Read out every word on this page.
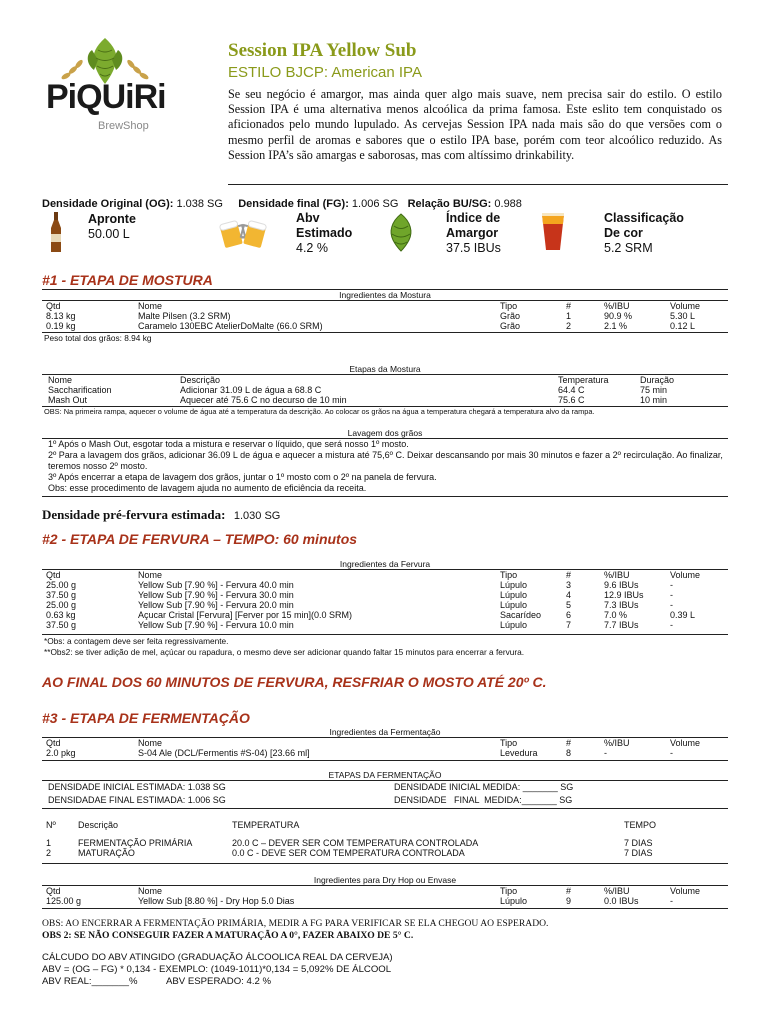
PiQUiRi
BrewShop
Session IPA Yellow Sub
ESTILO BJCP: American IPA
Se seu negócio é amargor, mas ainda quer algo mais suave, nem precisa sair do estilo. O estilo Session IPA é uma alternativa menos alcoólica da prima famosa. Este eslito tem conquistado os aficionados pelo mundo lupulado. As cervejas Session IPA nada mais são do que versões com o mesmo perfil de aromas e sabores que o estilo IPA base, porém com teor alcoólico reduzido. As Session IPA’s são amargas e saborosas, mas com altíssimo drinkability.
Densidade Original (OG): 1.038 SG Densidade final (FG): 1.006 SG Relação BU/SG: 0.988
Apronte
50.00 L
Abv
Estimado
4.2 %
Índice de
Amargor
37.5 IBUs
Classificação
De cor
5.2 SRM
#1 - ETAPA DE MOSTURA
Ingredientes da Mostura
Qtd	Nome	Tipo	#	%/IBU	Volume
8.13 kg	Malte Pilsen (3.2 SRM)	Grão	1	90.9 %	5.30 L
0.19 kg	Caramelo 130EBC AtelierDoMalte (66.0 SRM)	Grão	2	2.1 %	0.12 L
Peso total dos grãos: 8.94 kg
Etapas da Mostura
Nome	Descrição	Temperatura	Duração
Saccharification	Adicionar 31.09 L de água a 68.8 C	64.4 C	75 min
Mash Out	Aquecer até 75.6 C no decurso de 10 min	75.6 C	10 min
OBS: Na primeira rampa, aquecer o volume de água até a temperatura da descrição. Ao colocar os grãos na água a temperatura chegará a temperatura alvo da rampa.
Lavagem dos grãos
1º Após o Mash Out, esgotar toda a mistura e reservar o líquido, que será nosso 1º mosto.
2º Para a lavagem dos grãos, adicionar 36.09 L de água e aquecer a mistura até 75,6º C. Deixar descansando por mais 30 minutos e fazer a 2º recirculação. Ao finalizar, teremos nosso 2º mosto.
3º Após encerrar a etapa de lavagem dos grãos, juntar o 1º mosto com o 2º na panela de fervura.
Obs: esse procedimento de lavagem ajuda no aumento de eficiência da receita.
Densidade pré-fervura estimada: 1.030 SG
#2 - ETAPA DE FERVURA – TEMPO: 60 minutos
Ingredientes da Fervura
Qtd	Nome	Tipo	#	%/IBU	Volume
25.00 g	Yellow Sub [7.90 %] - Fervura 40.0 min	Lúpulo	3	9.6 IBUs	-
37.50 g	Yellow Sub [7.90 %] - Fervura 30.0 min	Lúpulo	4	12.9 IBUs	-
25.00 g	Yellow Sub [7.90 %] - Fervura 20.0 min	Lúpulo	5	7.3 IBUs	-
0.63 kg	Açucar Cristal [Fervura] [Ferver por 15 min](0.0 SRM)	Sacarídeo	6	7.0 %	0.39 L
37.50 g	Yellow Sub [7.90 %] - Fervura 10.0 min	Lúpulo	7	7.7 IBUs	-
*Obs: a contagem deve ser feita regressivamente.
**Obs2: se tiver adição de mel, açúcar ou rapadura, o mesmo deve ser adicionar quando faltar 15 minutos para encerrar a fervura.
AO FINAL DOS 60 MINUTOS DE FERVURA, RESFRIAR O MOSTO ATÉ 20º C.
#3 - ETAPA DE FERMENTAÇÃO
Ingredientes da Fermentação
Qtd	Nome	Tipo	#	%/IBU	Volume
2.0 pkg	S-04 Ale (DCL/Fermentis #S-04) [23.66 ml]	Levedura	8	-	-
ETAPAS DA FERMENTAÇÃO
DENSIDADE INICIAL ESTIMADA: 1.038 SG
DENSIDADAE FINAL ESTIMADA: 1.006 SG
DENSIDADE INICIAL MEDIDA: _______ SG
DENSIDADE   FINAL  MEDIDA:_______ SG
Nº	Descrição	TEMPERATURA	TEMPO
1	FERMENTAÇÃO PRIMÁRIA	20.0 C – DEVER SER COM TEMPERATURA CONTROLADA	7 DIAS
2	MATURAÇÃO	0.0 C - DEVE SER COM TEMPERATURA CONTROLADA	7 DIAS
Ingredientes para Dry Hop ou Envase
Qtd	Nome	Tipo	#	%/IBU	Volume
125.00 g	Yellow Sub [8.80 %] - Dry Hop 5.0 Dias	Lúpulo	9	0.0 IBUs	-
OBS: AO ENCERRAR A FERMENTAÇÃO PRIMÁRIA, MEDIR A FG PARA VERIFICAR SE ELA CHEGOU AO ESPERADO.
OBS 2: SE NÃO CONSEGUIR FAZER A MATURAÇÃO A 0°, FAZER ABAIXO DE 5° C.
CÁLCUDO DO ABV ATINGIDO (GRADUAÇÃO ÁLCOOLICA REAL DA CERVEJA)
ABV = (OG – FG) * 0,134 - EXEMPLO: (1049-1011)*0,134 = 5,092% DE ÁLCOOL
ABV REAL:_______%	ABV ESPERADO: 4.2 %
